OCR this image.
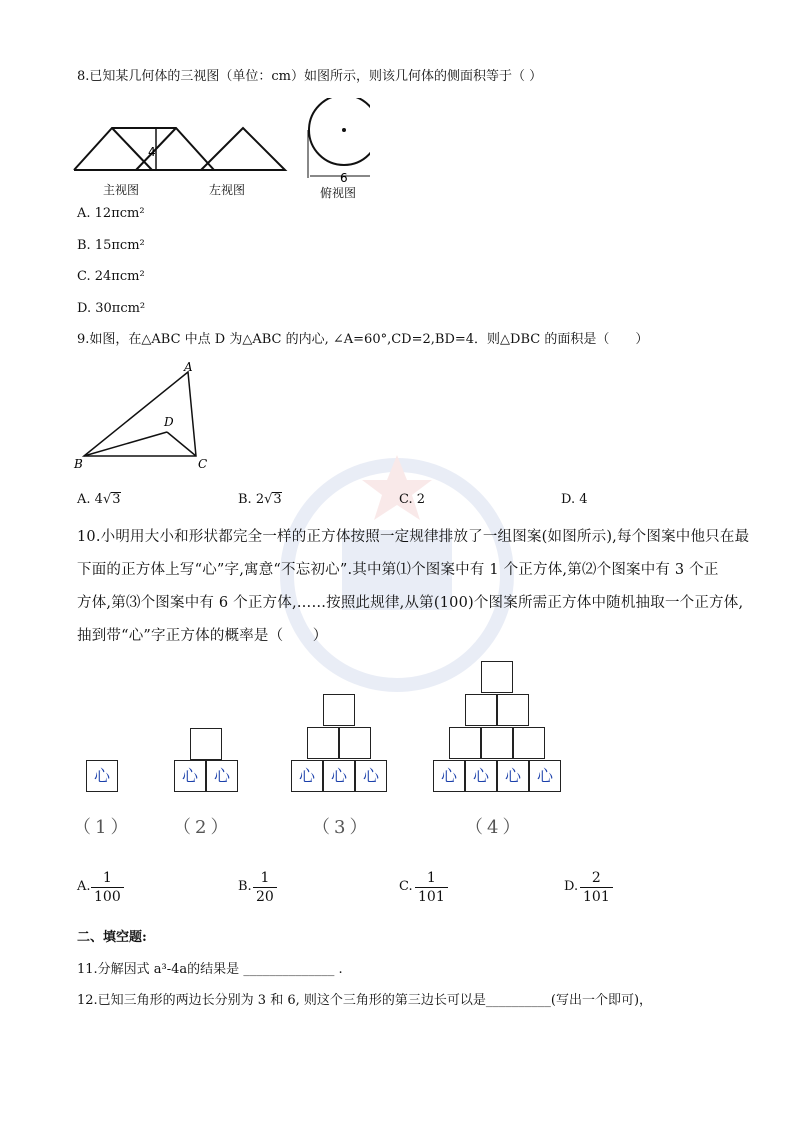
8.已知某几何体的三视图（单位：cm）如图所示，则该几何体的侧面积等于（ ）
4
6
主视图	左视图	俯视图
A. 12πcm²
B. 15πcm²
C. 24πcm²
D. 30πcm²
9.如图，在△ABC 中点 D 为△ABC 的内心, ∠A=60°,CD=2,BD=4．则△DBC 的面积是（　　）
A
B	C
D
A. 4√3	B. 2√3	C. 2	D. 4
10.小明用大小和形状都完全一样的正方体按照一定规律排放了一组图案(如图所示),每个图案中他只在最
下面的正方体上写“心”字,寓意“不忘初心”.其中第⑴个图案中有 1 个正方体,第⑵个图案中有 3 个正
方体,第⑶个图案中有 6 个正方体,……按照此规律,从第(100)个图案所需正方体中随机抽取一个正方体,
抽到带“心”字正方体的概率是（　　）
心	心 心	心 心 心	心 心 心 心
（1） （2）	（3）	（4）
A. $\frac{1}{100}$	B. $\frac{1}{20}$	C. $\frac{1}{101}$	D. $\frac{2}{101}$
二、填空题:
11.分解因式 a³-4a的结果是 ______________ .
12.已知三角形的两边长分别为 3 和 6, 则这个三角形的第三边长可以是__________(写出一个即可)，
